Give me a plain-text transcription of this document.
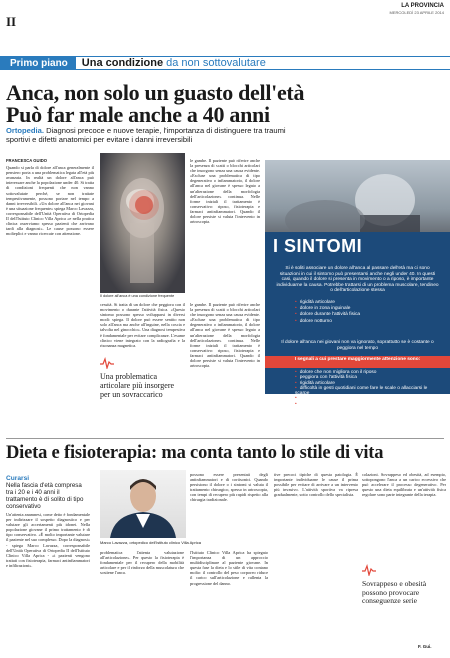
II
LA PROVINCIA
MERCOLEDÌ 23 APRILE 2014
Primo piano	Una condizione da non sottovalutare
Anca, non solo un guasto dell'età Può far male anche a 40 anni
Ortopedia. Diagnosi precoce e nuove terapie, l'importanza di distinguere tra traumi sportivi e difetti anatomici per evitare i danni irreversibili
FRANCESCA GUIDO
Quando si parla di dolore all'anca generalmente il pensiero porta a una problematica legata all'età più avanzata. In realtà un dolore all'anca può interessare anche la popolazione under 40. Si tratta di condizioni frequenti che non vanno sottovalutate perché, se non trattate tempestivamente, possono portare nel tempo a danni irreversibili. «Un dolore all'anca nei giovani è una situazione frequente» spiega Marco Lavazza, corresponsabile dell'Unità Operativa di Ortopedia II dell'Istituto Clinico Villa Aprica «e nella pratica clinica osserviamo spesso pazienti che arrivano tardi alla diagnosi». Le cause possono essere molteplici e vanno ricercate con attenzione.
Il dolore all'anca è una condizione frequente
cessità. Si tratta di un dolore che peggiora con il movimento o durante l'attività fisica. «Questo sintomo possono spesso svilupparsi in diversi modi: spiega. Il dolore può essere sentito non solo all'anca ma anche all'inguine, nella coscia e talvolta nel ginocchio». Una diagnosi tempestiva è fondamentale per evitare complicanze. L'esame clinico viene integrato con la radiografia e la risonanza magnetica.
Una problematica articolare più insorgere per un sovraccarico
le gambe. Il paziente può riferire anche la presenza di scatti o blocchi articolari che insorgono senza una causa evidente. «Escluse una problematica di tipo degenerativo o infiammatorio, il dolore all'anca nel giovane è spesso legato a un'alterazione della morfologia dell'articolazione» continua. Nelle forme iniziali il trattamento è conservativo: riposo, fisioterapia e farmaci antinfiammatori. Quando il dolore persiste si valuta l'intervento in artroscopia.
le gambe. Il paziente può riferire anche la presenza di scatti o blocchi articolari che insorgono senza una causa evidente. «Escluse una problematica di tipo degenerativo o infiammatorio, il dolore all'anca nel giovane è spesso legato a un'alterazione della morfologia dell'articolazione» continua. Nelle forme iniziali il trattamento è conservativo: riposo, fisioterapia e farmaci antinfiammatori. Quando il dolore persiste si valuta l'intervento in artroscopia.
I SINTOMI
Si è soliti associare un dolore all'anca al passare dell'età ma ci sono situazioni in cui il sintomo può presentarsi anche negli under 40. In questi casi, quando il dolore si presenta in movimento o a riposo, è importante individuarne la causa. Potrebbe trattarsi di un problema muscolare, tendineo o dell'articolazione stessa
• rigidità articolare
• dolore in zona inguinale
• dolore durante l'attività fisica
• dolore notturno
Il dolore all'anca nei giovani non va ignorato, soprattutto se è costante o peggiora nel tempo
I segnali a cui prestare maggiormente attenzione sono:
• dolore che non migliora con il riposo
• peggiora con l'attività fisica
• rigidità articolare
• difficoltà in gesti quotidiani come fare le scale o allacciarsi le scarpe
• scarpe presenza di zoppia
• dolore notturno
Dieta e fisioterapia: ma conta tanto lo stile di vita
Curarsi
Nella fascia d'età compresa tra i 20 e i 40 anni il trattamento è di solito di tipo conservativo
Un'attenta anamnesi, come detto è fondamentale per indirizzare il sospetto diagnostico e per valutare gli accertamenti più idonei. Nella popolazione giovane il primo trattamento è di tipo conservativo. «È molto importante valutare il paziente nel suo complesso. Dopo la diagnosi» - spiega Marco Lavazza, corresponsabile dell'Unità Operativa di Ortopedia II dell'Istituto Clinico Villa Aprica - «i pazienti vengono trattati con fisioterapia, farmaci antinfiammatori e infiltrazioni».
Marco Lavazza, ortopedico dell'Istituto clinico Villa Aprica
problematica l'attenta valutazione all'articolazione». Per questo la fisioterapia è fondamentale per il recupero della mobilità articolare e per il rinforzo della muscolatura che sostiene l'anca.
l'Istituto Clinico Villa Aprica ha spiegato l'importanza di un approccio multidisciplinare al paziente giovane. In questa fase la dieta e lo stile di vita contano molto: il controllo del peso corporeo riduce il carico sull'articolazione e rallenta la progressione del danno.
possono essere presentati degli antinfiammatori e di cortisonici. Quando persistono il dolore o i sintomi si valuta il trattamento chirurgico, spesso in artroscopia, con tempi di recupero più rapidi rispetto alla chirurgia tradizionale.
tive precoci tipiche di questa patologia. È importante individuarne le cause il prima possibile per evitare di arrivare a un intervento più invasivo. L'attività sportiva va ripresa gradualmente, sotto controllo dello specialista.
colazioni. Sovrappeso ed obesità, ad esempio, sottopongono l'anca a un carico eccessivo che può accelerare il processo degenerativo. Per questo una dieta equilibrata e un'attività fisica regolare sono parte integrante della terapia.
Sovrappeso e obesità possono provocare conseguenze serie
F. Gui.
